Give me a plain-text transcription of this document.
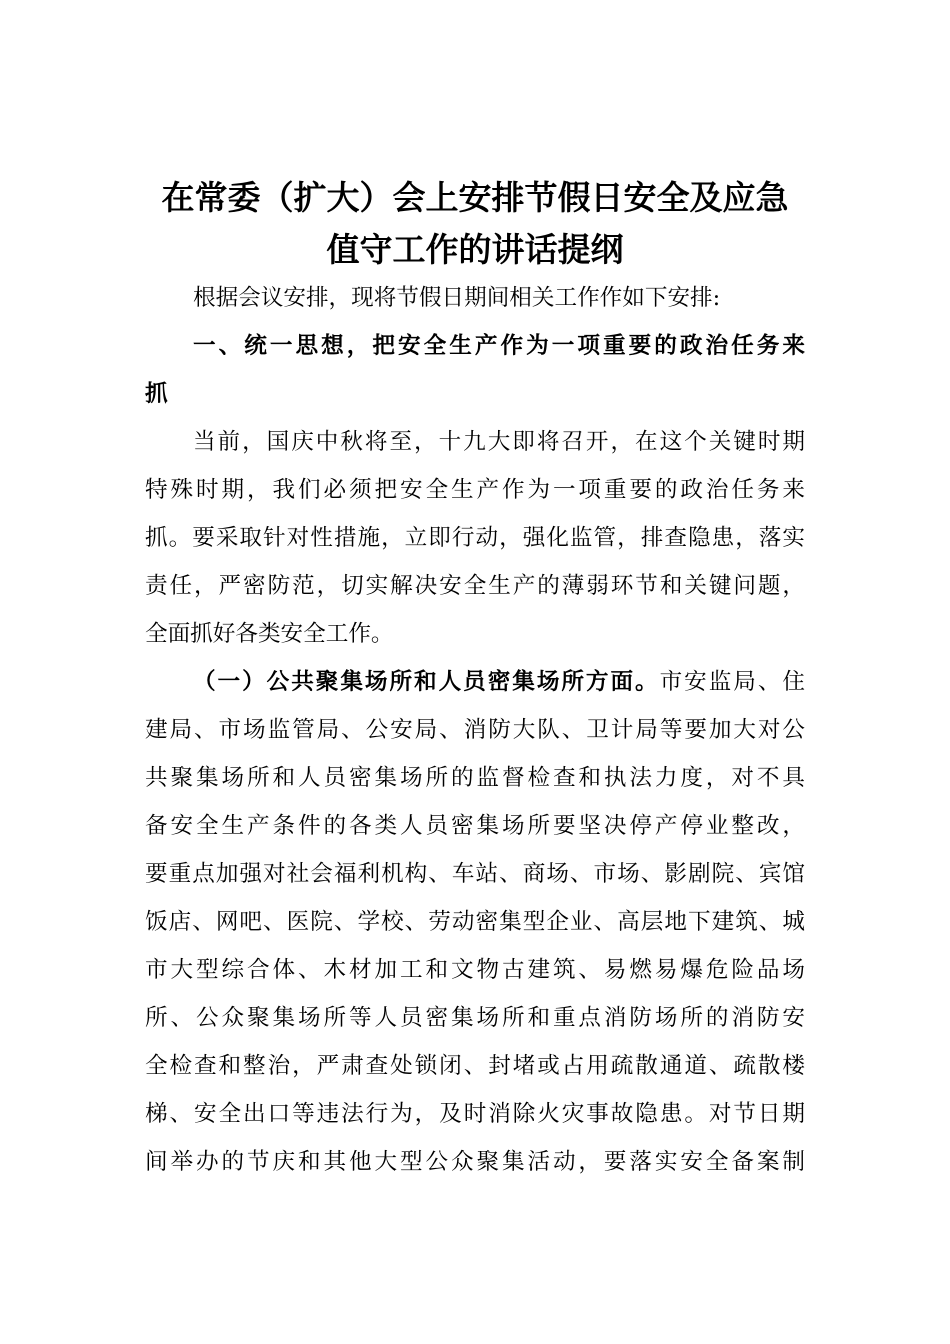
在常委（扩大）会上安排节假日安全及应急
值守工作的讲话提纲
根据会议安排，现将节假日期间相关工作作如下安排:
一、统一思想，把安全生产作为一项重要的政治任务来
抓
当前，国庆中秋将至，十九大即将召开，在这个关键时期
特殊时期，我们必须把安全生产作为一项重要的政治任务来
抓。要采取针对性措施，立即行动，强化监管，排查隐患，落实
责任，严密防范，切实解决安全生产的薄弱环节和关键问题，
全面抓好各类安全工作。
（一）公共聚集场所和人员密集场所方面。市安监局、住
建局、市场监管局、公安局、消防大队、卫计局等要加大对公
共聚集场所和人员密集场所的监督检查和执法力度，对不具
备安全生产条件的各类人员密集场所要坚决停产停业整改，
要重点加强对社会福利机构、车站、商场、市场、影剧院、宾馆
饭店、网吧、医院、学校、劳动密集型企业、高层地下建筑、城
市大型综合体、木材加工和文物古建筑、易燃易爆危险品场
所、公众聚集场所等人员密集场所和重点消防场所的消防安
全检查和整治，严肃查处锁闭、封堵或占用疏散通道、疏散楼
梯、安全出口等违法行为，及时消除火灾事故隐患。对节日期
间举办的节庆和其他大型公众聚集活动，要落实安全备案制
